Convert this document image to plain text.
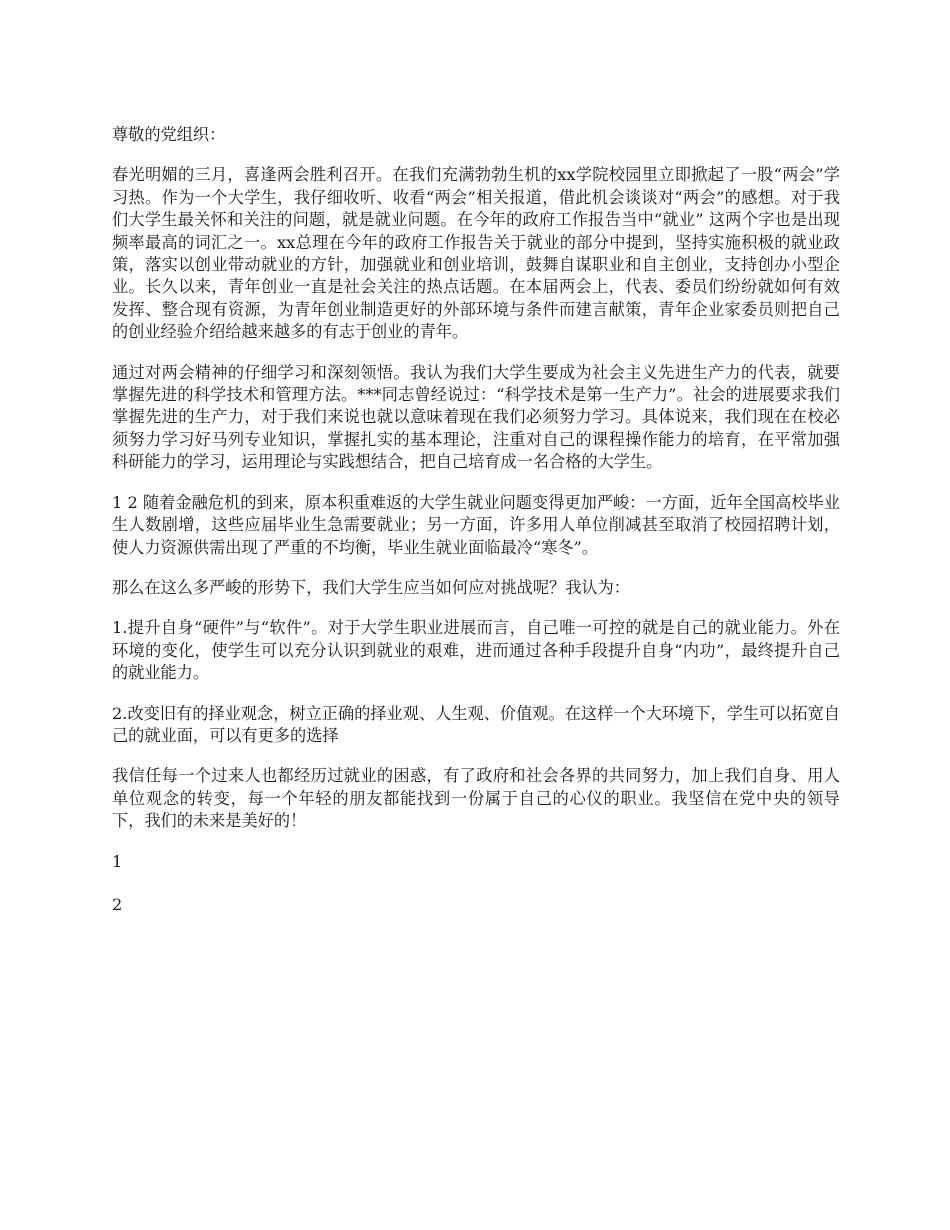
尊敬的党组织：

春光明媚的三月，喜逢两会胜利召开。在我们充满勃勃生机的xx学院校园里立即掀起了一股“两会”学习热。作为一个大学生，我仔细收听、收看“两会”相关报道，借此机会谈谈对“两会”的感想。对于我们大学生最关怀和关注的问题，就是就业问题。在今年的政府工作报告当中“就业” 这两个字也是出现频率最高的词汇之一。xx总理在今年的政府工作报告关于就业的部分中提到，坚持实施积极的就业政策，落实以创业带动就业的方针，加强就业和创业培训，鼓舞自谋职业和自主创业，支持创办小型企业。长久以来，青年创业一直是社会关注的热点话题。在本届两会上，代表、委员们纷纷就如何有效发挥、整合现有资源，为青年创业制造更好的外部环境与条件而建言献策，青年企业家委员则把自己的创业经验介绍给越来越多的有志于创业的青年。

通过对两会精神的仔细学习和深刻领悟。我认为我们大学生要成为社会主义先进生产力的代表，就要掌握先进的科学技术和管理方法。***同志曾经说过：“科学技术是第一生产力”。社会的进展要求我们掌握先进的生产力，对于我们来说也就以意味着现在我们必须努力学习。具体说来，我们现在在校必须努力学习好马列专业知识，掌握扎实的基本理论，注重对自己的课程操作能力的培育，在平常加强科研能力的学习，运用理论与实践想结合，把自己培育成一名合格的大学生。

1 2 随着金融危机的到来，原本积重难返的大学生就业问题变得更加严峻：一方面，近年全国高校毕业生人数剧增，这些应届毕业生急需要就业；另一方面，许多用人单位削减甚至取消了校园招聘计划，使人力资源供需出现了严重的不均衡，毕业生就业面临最冷“寒冬”。

那么在这么多严峻的形势下，我们大学生应当如何应对挑战呢？我认为：

1.提升自身“硬件”与“软件”。对于大学生职业进展而言，自己唯一可控的就是自己的就业能力。外在环境的变化，使学生可以充分认识到就业的艰难，进而通过各种手段提升自身“内功”，最终提升自己的就业能力。

2.改变旧有的择业观念，树立正确的择业观、人生观、价值观。在这样一个大环境下，学生可以拓宽自己的就业面，可以有更多的选择

我信任每一个过来人也都经历过就业的困惑，有了政府和社会各界的共同努力，加上我们自身、用人单位观念的转变，每一个年轻的朋友都能找到一份属于自己的心仪的职业。我坚信在党中央的领导下，我们的未来是美好的！

1

2
